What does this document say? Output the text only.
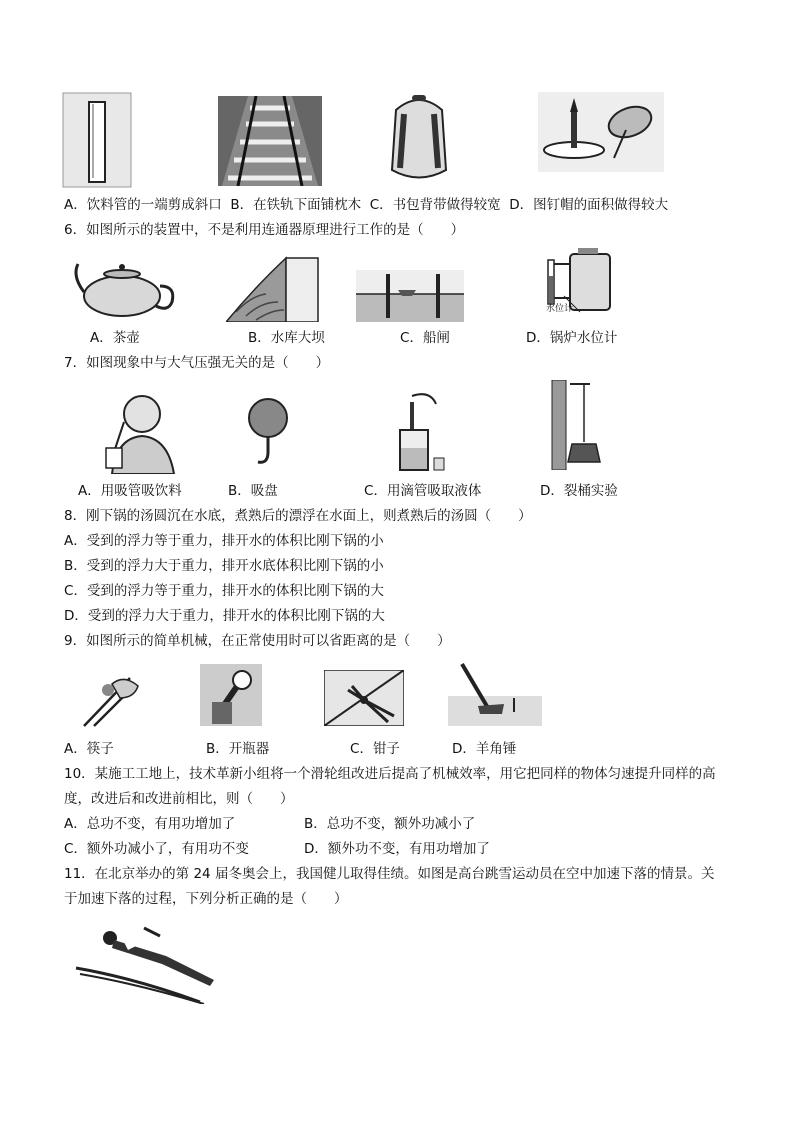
A．饮料管的一端剪成斜口 B．在铁轨下面铺枕木 C．书包背带做得较宽 D．图钉帽的面积做得较大
6．如图所示的装置中，不是利用连通器原理进行工作的是（　　）
水位计
A．茶壶	B．水库大坝	C．船闸	D．锅炉水位计
7．如图现象中与大气压强无关的是（　　）
A．用吸管吸饮料	B．吸盘	C．用滴管吸取液体	D．裂桶实验
8．刚下锅的汤圆沉在水底，煮熟后的漂浮在水面上，则煮熟后的汤圆（　　）
A．受到的浮力等于重力，排开水的体积比刚下锅的小
B．受到的浮力大于重力，排开水底体积比刚下锅的小
C．受到的浮力等于重力，排开水的体积比刚下锅的大
D．受到的浮力大于重力，排开水的体积比刚下锅的大
9．如图所示的简单机械，在正常使用时可以省距离的是（　　）
A．筷子	B．开瓶器	C．钳子	D．羊角锤
10．某施工工地上，技术革新小组将一个滑轮组改进后提高了机械效率，用它把同样的物体匀速提升同样的高
度，改进后和改进前相比，则（　　）
A．总功不变，有用功增加了	B．总功不变，额外功减小了
C．额外功减小了，有用功不变	D．额外功不变，有用功增加了
11．在北京举办的第 24 届冬奥会上，我国健儿取得佳绩。如图是高台跳雪运动员在空中加速下落的情景。关
于加速下落的过程，下列分析正确的是（　　）
